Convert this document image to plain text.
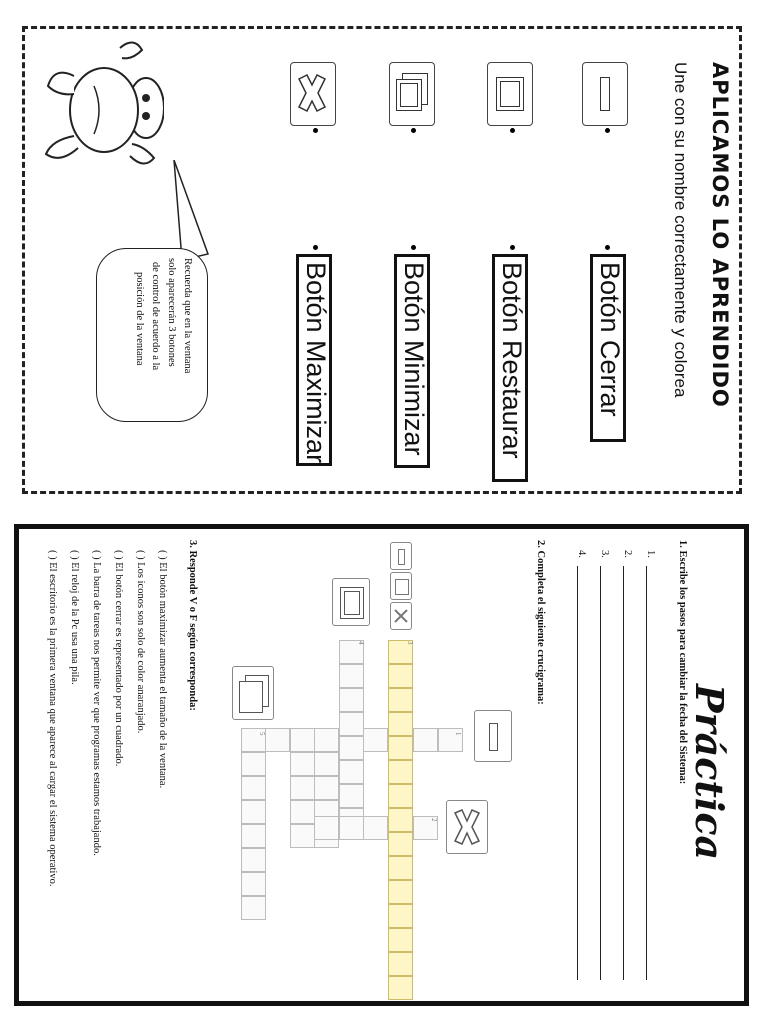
APLICAMOS LO APRENDIDO
Une con su nombre correctamente y colorea
Recuerda que en la ventana
solo aparecerán 3 botones
de control de acuerdo a la
posición de la ventana	Botón Cerrar
Botón Restaurar
Botón Minimizar
Botón Maximizar
Práctica
1. Escribe los pasos para cambiar la fecha del Sistema:
1.
2.
3.
4.
2. Completa el siguiente crucigrama:
1
2
3
4
5
3. Responde V o F según corresponda:
( ) El botón maximizar aumenta el tamaño de la ventana.
( ) Los iconos son solo de color anaranjado.
( ) El botón cerrar es representado por un cuadrado.
( ) La barra de tareas nos permite ver que programas estamos trabajando.
( ) El reloj de la Pc usa una pila.
( ) El escritorio es la primera ventana que aparece al cargar el sistema operativo.
